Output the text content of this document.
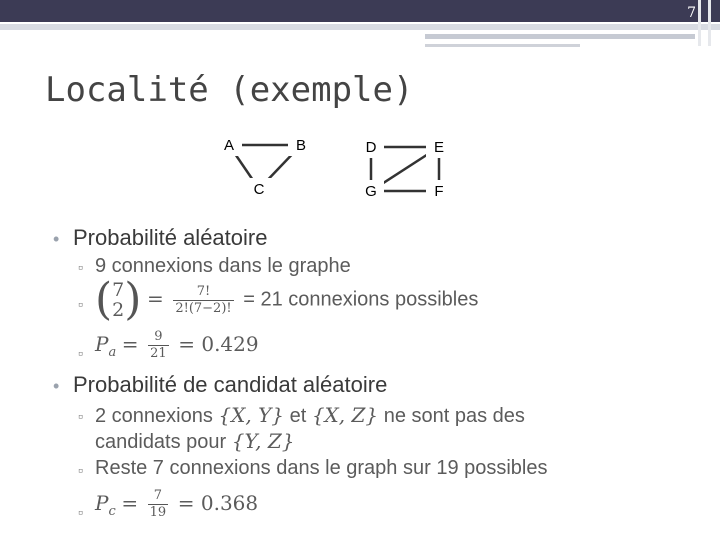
7
Localité (exemple)
A	B
C
D	E
G	F
• Probabilité aléatoire
▫ 9 connexions dans le graphe
▫ ( 7
2 ) = $\frac{7!}{2!(7-2)!} = 21$ connexions possibles
▫ $P_a = \frac{9}{21} = 0.429$
• Probabilité de candidat aléatoire
▫ 2 connexions {X, Y} et {X, Z} ne sont pas des
candidats pour {Y, Z}
▫ Reste 7 connexions dans le graph sur 19 possibles
▫ $P_c = \frac{7}{19} = 0.368$
